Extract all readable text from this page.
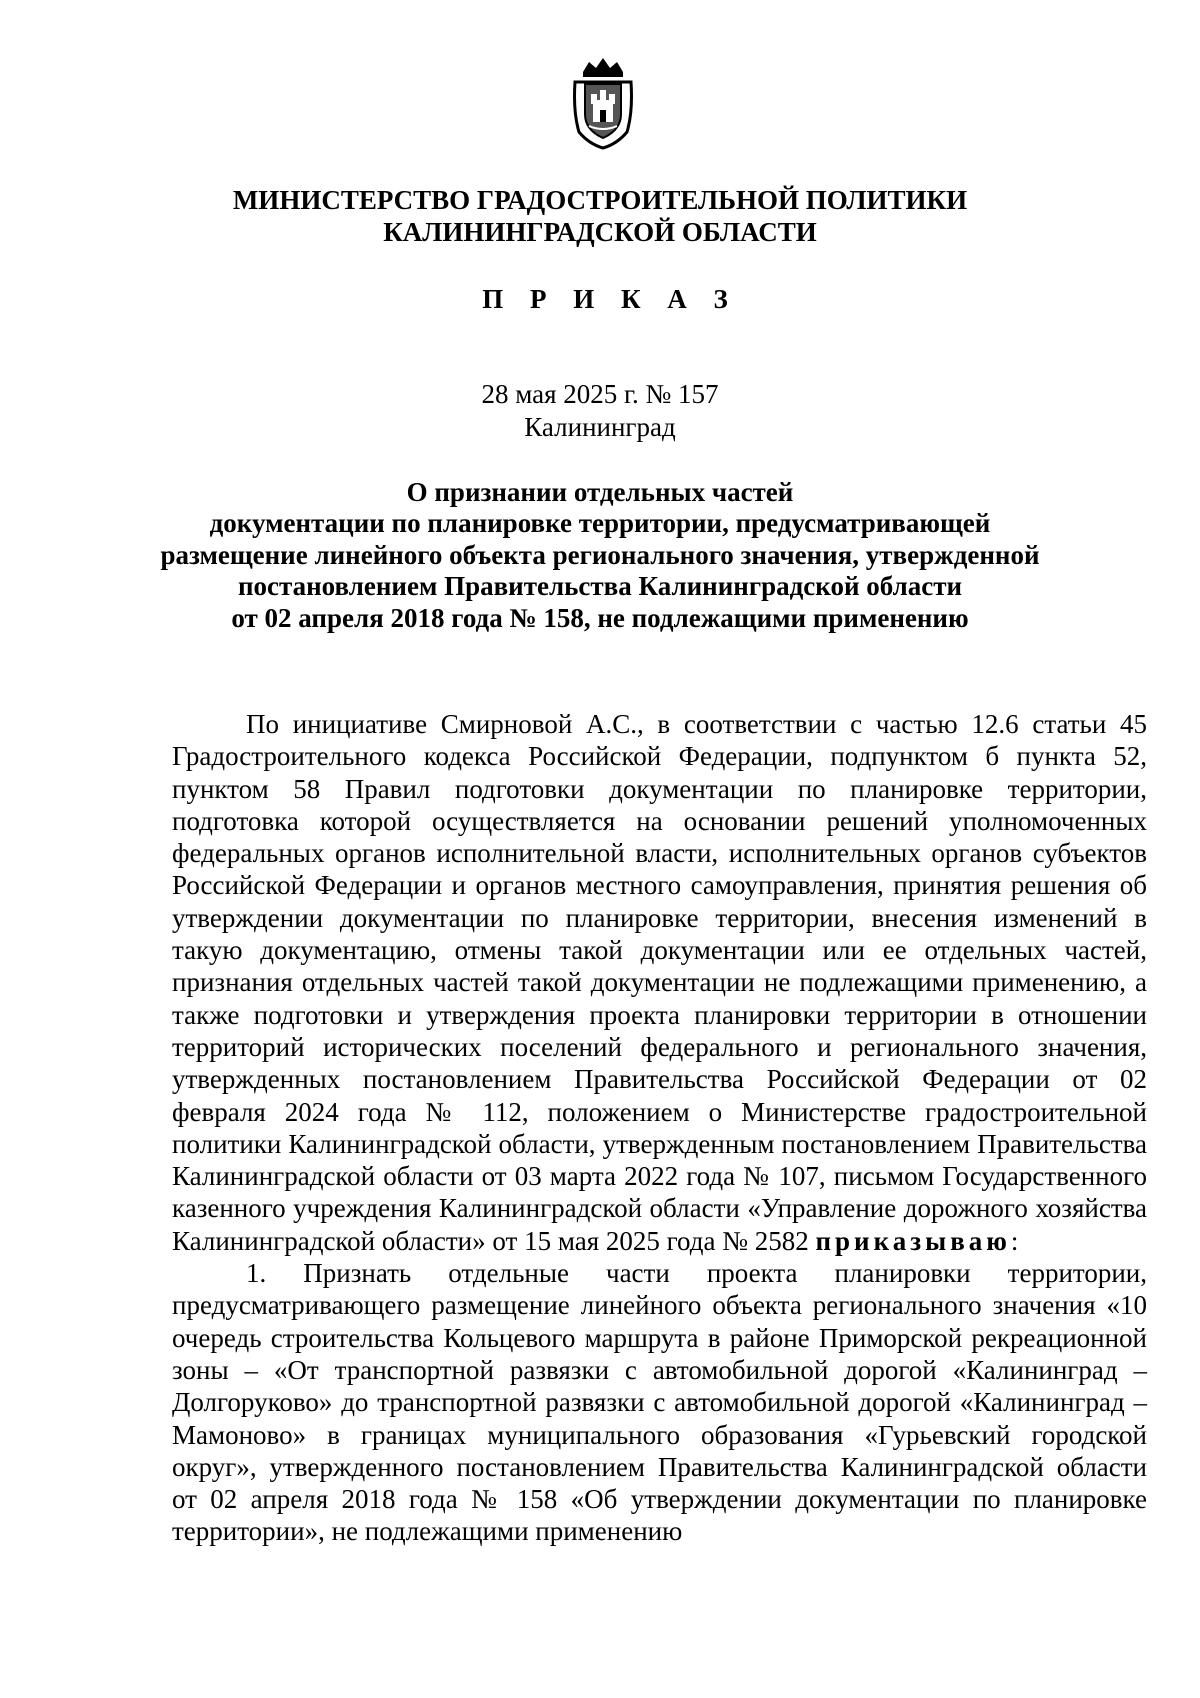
МИНИСТЕРСТВО ГРАДОСТРОИТЕЛЬНОЙ ПОЛИТИКИ
КАЛИНИНГРАДСКОЙ ОБЛАСТИ
П Р И К А З
28 мая 2025 г. № 157
Калининград
О признании отдельных частей
документации по планировке территории, предусматривающей
размещение линейного объекта регионального значения, утвержденной
постановлением Правительства Калининградской области
от 02 апреля 2018 года № 158, не подлежащими применению

По инициативе Смирновой А.С., в соответствии с частью 12.6 статьи 45 Градостроительного кодекса Российской Федерации, подпунктом б пункта 52, пунктом 58 Правил подготовки документации по планировке территории, подготовка которой осуществляется на основании решений уполномоченных федеральных органов исполнительной власти, исполнительных органов субъектов Российской Федерации и органов местного самоуправления, принятия решения об утверждении документации по планировке территории, внесения изменений в такую документацию, отмены такой документации или ее отдельных частей, признания отдельных частей такой документации не подлежащими применению, а также подготовки и утверждения проекта планировки территории в отношении территорий исторических поселений федерального и регионального значения, утвержденных постановлением Правительства Российской Федерации от 02 февраля 2024 года № 112, положением о Министерстве градостроительной политики Калининградской области, утвержденным постановлением Правительства Калининградской области от 03 марта 2022 года № 107, письмом Государственного казенного учреждения Калининградской области «Управление дорожного хозяйства Калининградской области» от 15 мая 2025 года № 2582 приказываю:

1. Признать отдельные части проекта планировки территории, предусматривающего размещение линейного объекта регионального значения «10 очередь строительства Кольцевого маршрута в районе Приморской рекреационной зоны – «От транспортной развязки с автомобильной дорогой «Калининград – Долгоруково» до транспортной развязки с автомобильной дорогой «Калининград – Мамоново» в границах муниципального образования «Гурьевский городской округ», утвержденного постановлением Правительства Калининградской области от 02 апреля 2018 года № 158 «Об утверждении документации по планировке территории», не подлежащими применению
